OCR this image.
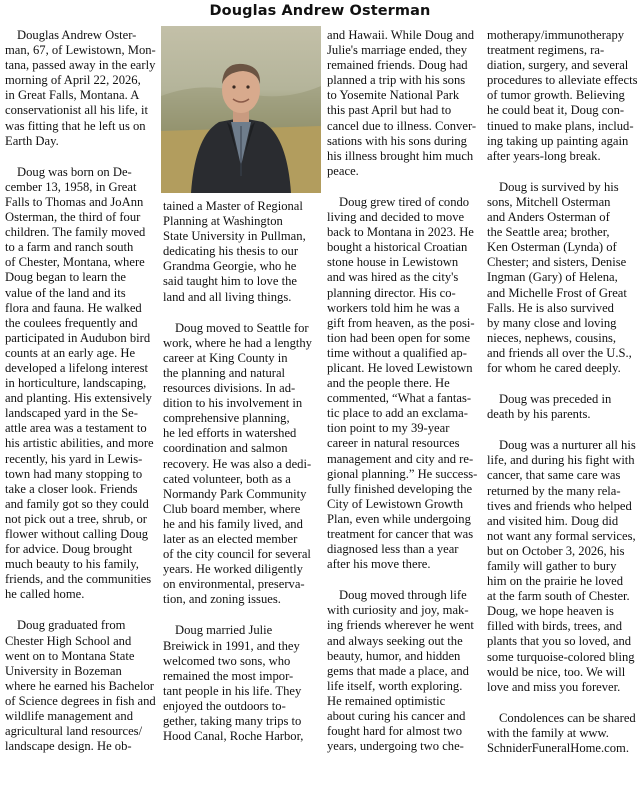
Douglas Andrew Osterman

Douglas Andrew Oster-
man, 67, of Lewistown, Mon-
tana, passed away in the early
morning of April 22, 2026,
in Great Falls, Montana. A
conservationist all his life, it
was fitting that he left us on
Earth Day.

Doug was born on De-
cember 13, 1958, in Great
Falls to Thomas and JoAnn
Osterman, the third of four
children. The family moved
to a farm and ranch south
of Chester, Montana, where
Doug began to learn the
value of the land and its
flora and fauna. He walked
the coulees frequently and
participated in Audubon bird
counts at an early age. He
developed a lifelong interest
in horticulture, landscaping,
and planting. His extensively
landscaped yard in the Se-
attle area was a testament to
his artistic abilities, and more
recently, his yard in Lewis-
town had many stopping to
take a closer look. Friends
and family got so they could
not pick out a tree, shrub, or
flower without calling Doug
for advice. Doug brought
much beauty to his family,
friends, and the communities
he called home.

Doug graduated from
Chester High School and
went on to Montana State
University in Bozeman
where he earned his Bachelor
of Science degrees in fish and
wildlife management and
agricultural land resources/
landscape design. He ob-

tained a Master of Regional
Planning at Washington
State University in Pullman,
dedicating his thesis to our
Grandma Georgie, who he
said taught him to love the
land and all living things.

Doug moved to Seattle for
work, where he had a lengthy
career at King County in
the planning and natural
resources divisions. In ad-
dition to his involvement in
comprehensive planning,
he led efforts in watershed
coordination and salmon
recovery. He was also a dedi-
cated volunteer, both as a
Normandy Park Community
Club board member, where
he and his family lived, and
later as an elected member
of the city council for several
years. He worked diligently
on environmental, preserva-
tion, and zoning issues.

Doug married Julie
Breiwick in 1991, and they
welcomed two sons, who
remained the most impor-
tant people in his life. They
enjoyed the outdoors to-
gether, taking many trips to
Hood Canal, Roche Harbor,

and Hawaii. While Doug and
Julie's marriage ended, they
remained friends. Doug had
planned a trip with his sons
to Yosemite National Park
this past April but had to
cancel due to illness. Conver-
sations with his sons during
his illness brought him much
peace.

Doug grew tired of condo
living and decided to move
back to Montana in 2023. He
bought a historical Croatian
stone house in Lewistown
and was hired as the city's
planning director. His co-
workers told him he was a
gift from heaven, as the posi-
tion had been open for some
time without a qualified ap-
plicant. He loved Lewistown
and the people there. He
commented, “What a fantas-
tic place to add an exclama-
tion point to my 39-year
career in natural resources
management and city and re-
gional planning.” He success-
fully finished developing the
City of Lewistown Growth
Plan, even while undergoing
treatment for cancer that was
diagnosed less than a year
after his move there.

Doug moved through life
with curiosity and joy, mak-
ing friends wherever he went
and always seeking out the
beauty, humor, and hidden
gems that made a place, and
life itself, worth exploring.
He remained optimistic
about curing his cancer and
fought hard for almost two
years, undergoing two che-

motherapy/immunotherapy
treatment regimens, ra-
diation, surgery, and several
procedures to alleviate effects
of tumor growth. Believing
he could beat it, Doug con-
tinued to make plans, includ-
ing taking up painting again
after years-long break.

Doug is survived by his
sons, Mitchell Osterman
and Anders Osterman of
the Seattle area; brother,
Ken Osterman (Lynda) of
Chester; and sisters, Denise
Ingman (Gary) of Helena,
and Michelle Frost of Great
Falls. He is also survived
by many close and loving
nieces, nephews, cousins,
and friends all over the U.S.,
for whom he cared deeply.

Doug was preceded in
death by his parents.

Doug was a nurturer all his
life, and during his fight with
cancer, that same care was
returned by the many rela-
tives and friends who helped
and visited him. Doug did
not want any formal services,
but on October 3, 2026, his
family will gather to bury
him on the prairie he loved
at the farm south of Chester.
Doug, we hope heaven is
filled with birds, trees, and
plants that you so loved, and
some turquoise-colored bling
would be nice, too. We will
love and miss you forever.

Condolences can be shared
with the family at www.
SchniderFuneralHome.com.
